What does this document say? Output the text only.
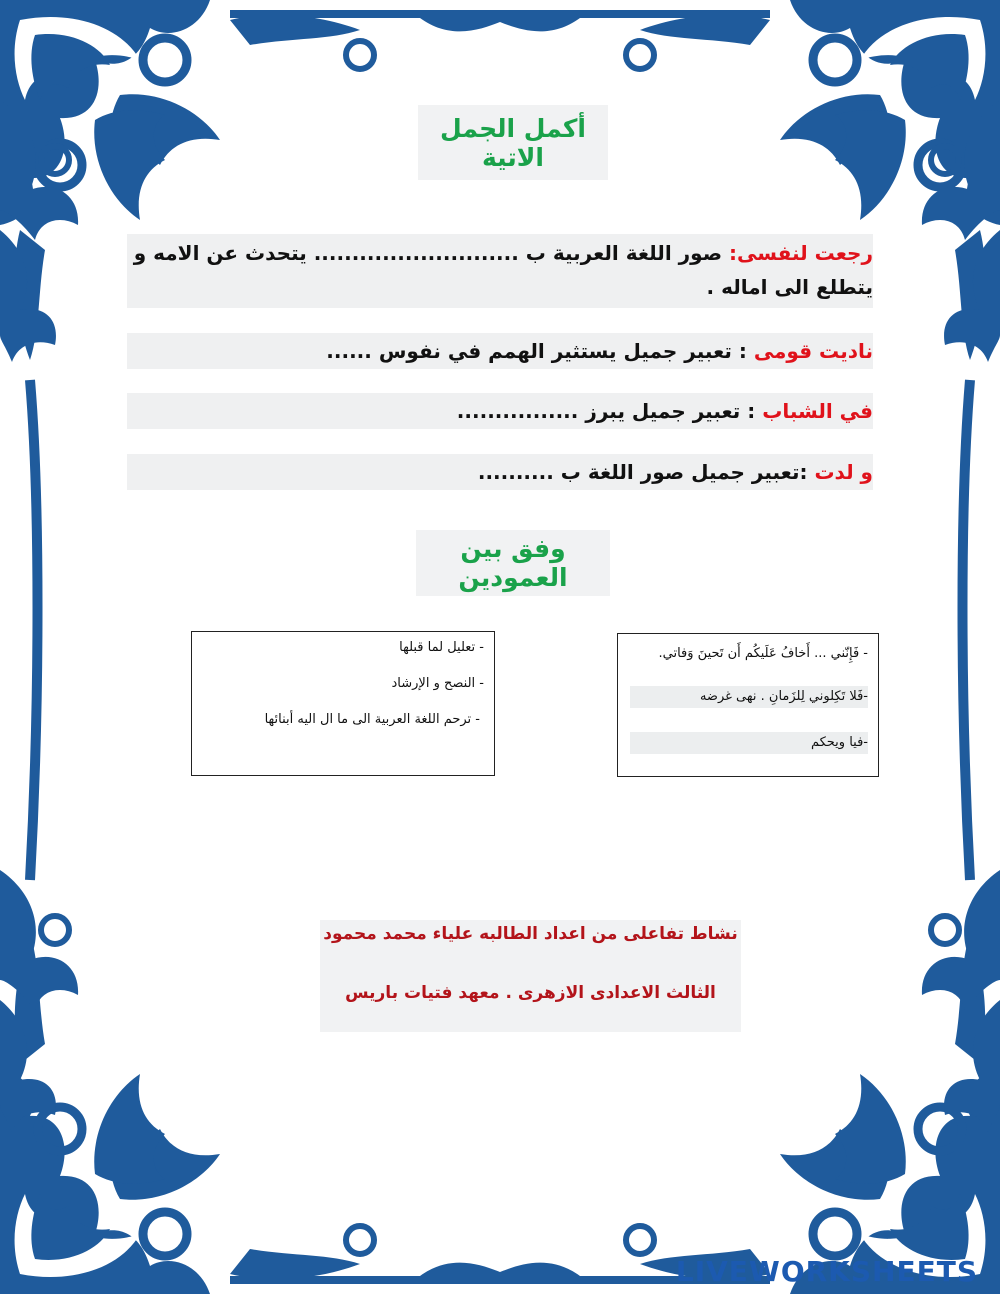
أكمل الجمل الاتية
رجعت لنفسى: صور اللغة العربية ب ........................... يتحدث عن الامه و يتطلع الى اماله .
ناديت قومى : تعبير جميل يستثير الهمم في نفوس ......
في الشباب : تعبير جميل يبرز ................
و لدت :تعبير جميل صور اللغة ب ..........
وفق بين العمودين
- فَإِنّني ... أَخافُ عَلَيكُم أَن تَحينَ وَفاتي.
-فَلا تَكِلوني لِلزَمانِ . نهى غرضه
-فيا ويحكم
- تعليل لما قبلها
- النصح و الإرشاد
- ترحم اللغة العربية الى ما ال اليه أبنائها
نشاط تفاعلى من اعداد الطالبه علياء محمد محمود
الثالث الاعدادى الازهرى . معهد فتيات باريس
LIVEWORKSHEETS
